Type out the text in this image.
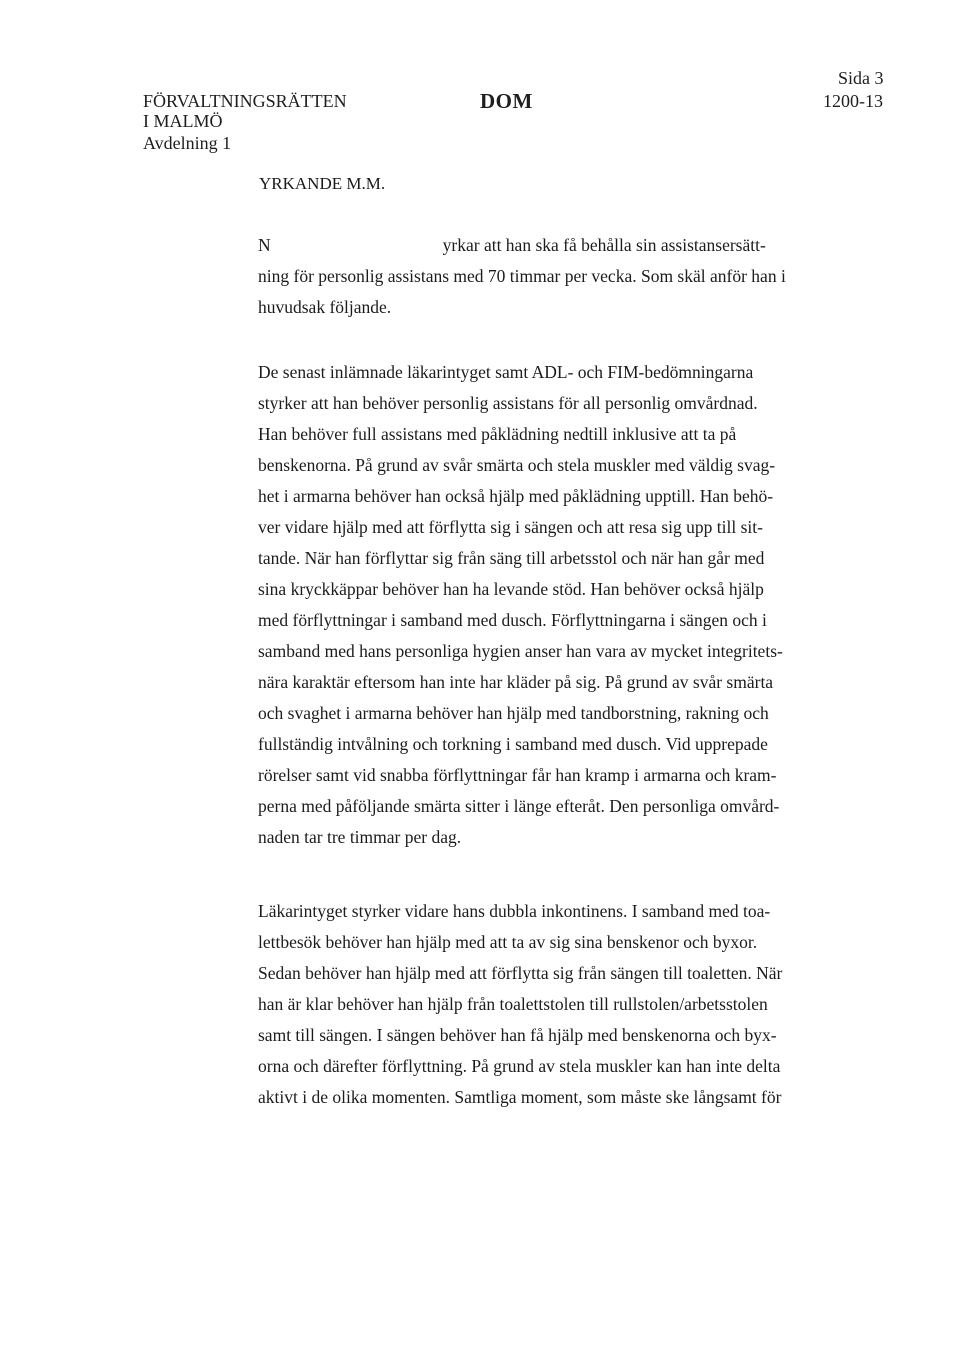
FÖRVALTNINGSRÄTTEN
I MALMÖ
Avdelning 1
DOM
Sida 3
1200-13
YRKANDE M.M.
N	yrkar att han ska få behålla sin assistansersätt-
ning för personlig assistans med 70 timmar per vecka. Som skäl anför han i
huvudsak följande.
De senast inlämnade läkarintyget samt ADL- och FIM-bedömningarna
styrker att han behöver personlig assistans för all personlig omvårdnad.
Han behöver full assistans med påklädning nedtill inklusive att ta på
benskenorna. På grund av svår smärta och stela muskler med väldig svag-
het i armarna behöver han också hjälp med påklädning upptill. Han behö-
ver vidare hjälp med att förflytta sig i sängen och att resa sig upp till sit-
tande. När han förflyttar sig från säng till arbetsstol och när han går med
sina kryckkäppar behöver han ha levande stöd. Han behöver också hjälp
med förflyttningar i samband med dusch. Förflyttningarna i sängen och i
samband med hans personliga hygien anser han vara av mycket integritets-
nära karaktär eftersom han inte har kläder på sig. På grund av svår smärta
och svaghet i armarna behöver han hjälp med tandborstning, rakning och
fullständig intvålning och torkning i samband med dusch. Vid upprepade
rörelser samt vid snabba förflyttningar får han kramp i armarna och kram-
perna med påföljande smärta sitter i länge efteråt. Den personliga omvård-
naden tar tre timmar per dag.
Läkarintyget styrker vidare hans dubbla inkontinens. I samband med toa-
lettbesök behöver han hjälp med att ta av sig sina benskenor och byxor.
Sedan behöver han hjälp med att förflytta sig från sängen till toaletten. När
han är klar behöver han hjälp från toalettstolen till rullstolen/arbetsstolen
samt till sängen. I sängen behöver han få hjälp med benskenorna och byx-
orna och därefter förflyttning. På grund av stela muskler kan han inte delta
aktivt i de olika momenten. Samtliga moment, som måste ske långsamt för
